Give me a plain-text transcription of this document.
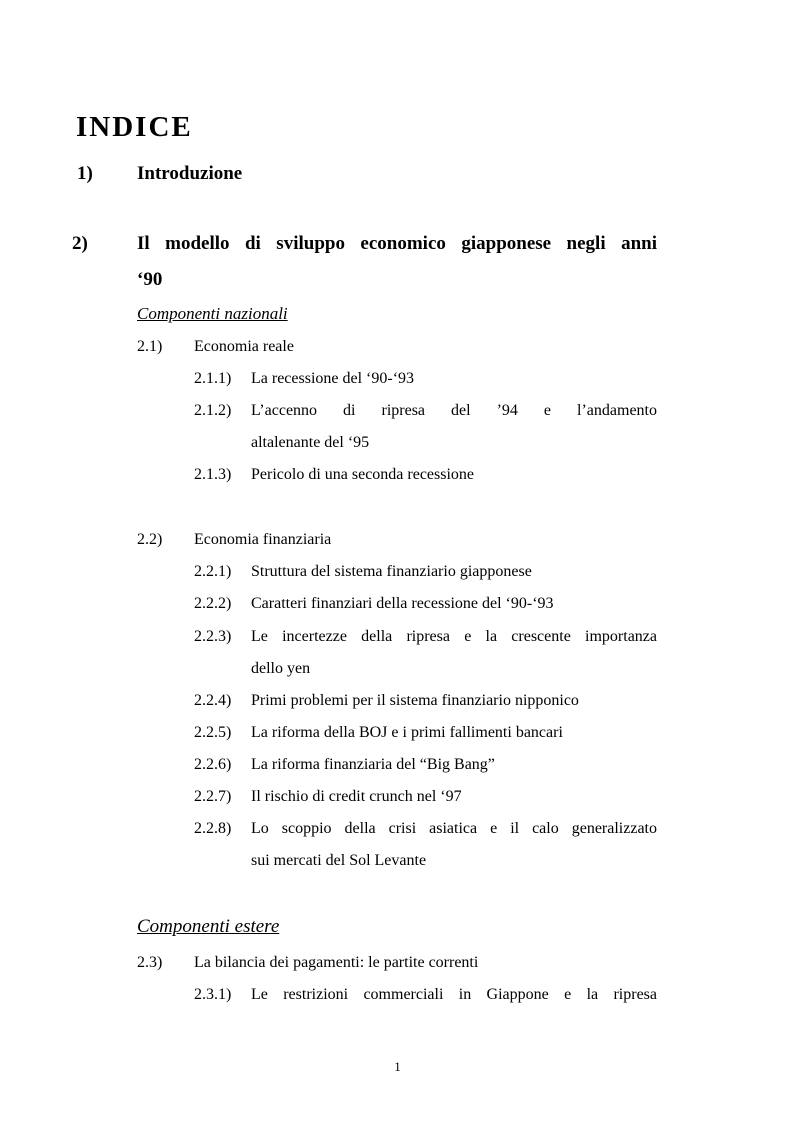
INDICE
1) Introduzione
2)	Il modello di sviluppo economico giapponese negli anni
‘90
Componenti nazionali
2.1) Economia reale
2.1.1) La recessione del ‘90-‘93
2.1.2) L’accenno di ripresa del ’94 e l’andamento
altalenante del ‘95
2.1.3) Pericolo di una seconda recessione
2.2) Economia finanziaria
2.2.1) Struttura del sistema finanziario giapponese
2.2.2) Caratteri finanziari della recessione del ‘90-‘93
2.2.3) Le incertezze della ripresa e la crescente importanza
dello yen
2.2.4) Primi problemi per il sistema finanziario nipponico
2.2.5) La riforma della BOJ e i primi fallimenti bancari
2.2.6) La riforma finanziaria del “Big Bang”
2.2.7) Il rischio di credit crunch nel ‘97
2.2.8) Lo scoppio della crisi asiatica e il calo generalizzato
sui mercati del Sol Levante
Componenti estere
2.3) La bilancia dei pagamenti: le partite correnti
2.3.1) Le restrizioni commerciali in Giappone e la ripresa
1
